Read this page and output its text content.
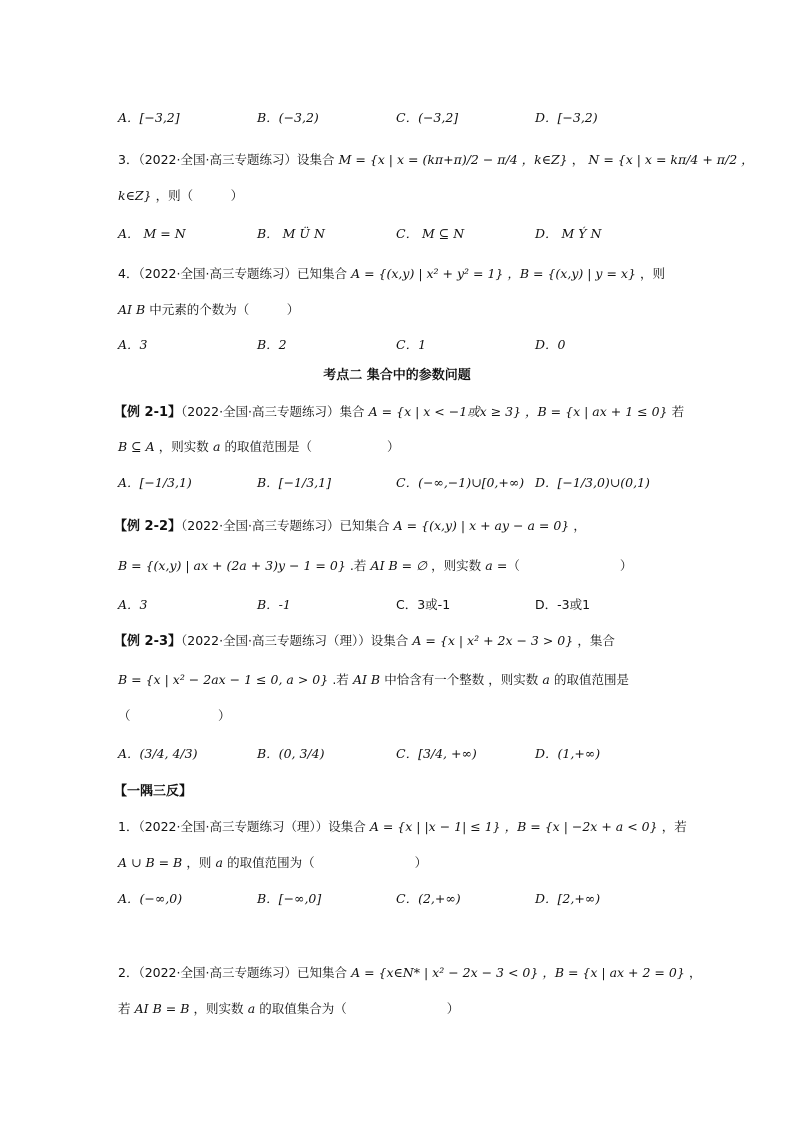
A．[−3,2]	B．(−3,2)	C．(−3,2]	D．[−3,2)
3．（2022·全国·高三专题练习）设集合 M = {x | x = (kπ+π)/2 − π/4 ，k∈Z} ， N = {x | x = kπ/4 + π/2 ，
k∈Z} ，则（　　　）
A． M = N	B． M Ü N	C． M ⊆ N	D． M Ý N
4．（2022·全国·高三专题练习）已知集合 A = {(x,y) | x² + y² = 1} ，B = {(x,y) | y = x} ，则
AI B 中元素的个数为（　　　）
A．3	B．2	C．1	D．0
考点二 集合中的参数问题
【例 2-1】（2022·全国·高三专题练习）集合 A = {x | x < −1或x ≥ 3} ，B = {x | ax + 1 ≤ 0} 若
B ⊆ A ，则实数 a 的取值范围是（　　　　　　）
A．[−1/3,1)	B．[−1/3,1]	C．(−∞,−1)∪[0,+∞) D．[−1/3,0)∪(0,1)
【例 2-2】（2022·全国·高三专题练习）已知集合 A = {(x,y) | x + ay − a = 0} ，
B = {(x,y) | ax + (2a + 3)y − 1 = 0} .若 AI B = ∅ ，则实数 a =（　　　　　　　　）
A．3	B．-1	C．3或-1	D．-3或1
【例 2-3】（2022·全国·高三专题练习（理））设集合 A = {x | x² + 2x − 3 > 0} ，集合
B = {x | x² − 2ax − 1 ≤ 0, a > 0} .若 AI B 中恰含有一个整数 ，则实数 a 的取值范围是
（　　　　　　　）
A．(3/4, 4/3)	B．(0, 3/4)	C．[3/4, +∞)	D．(1,+∞)
【一隅三反】
1．（2022·全国·高三专题练习（理））设集合 A = {x | |x − 1| ≤ 1} ，B = {x | −2x + a < 0} ，若
A ∪ B = B ，则 a 的取值范围为（　　　　　　　　）
A．(−∞,0)	B．[−∞,0]	C．(2,+∞)	D．[2,+∞)
2．（2022·全国·高三专题练习）已知集合 A = {x∈N* | x² − 2x − 3 < 0} ，B = {x | ax + 2 = 0} ，
若 AI B = B ，则实数 a 的取值集合为（　　　　　　　　）
